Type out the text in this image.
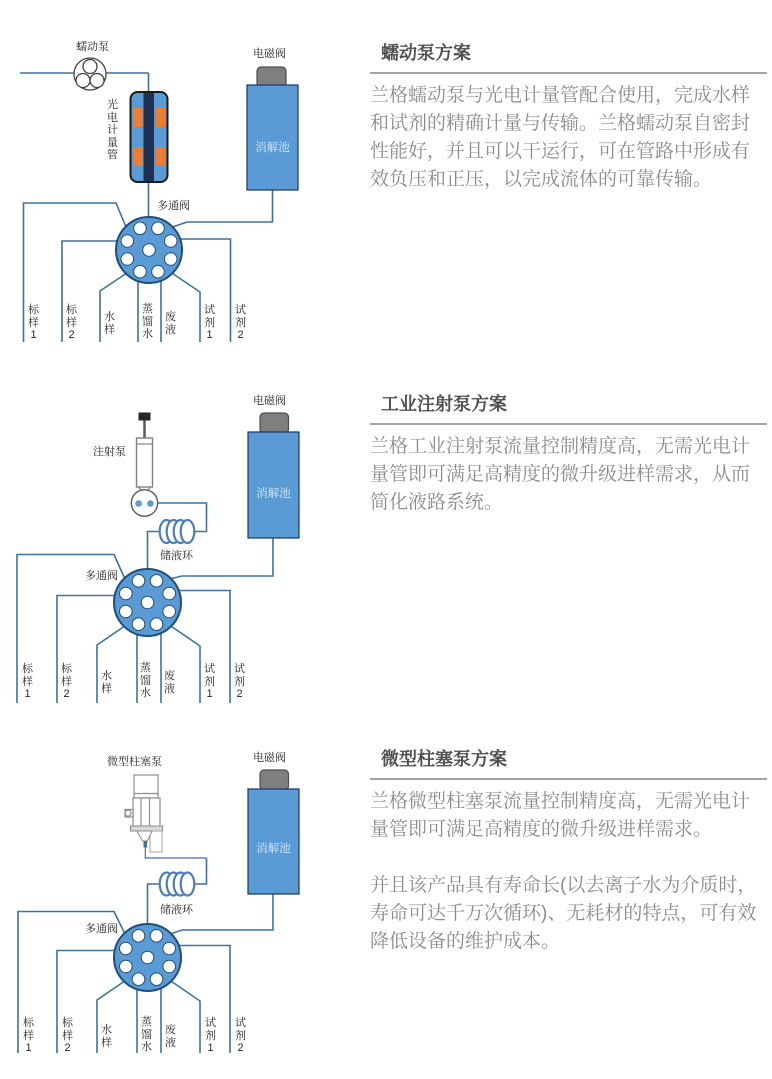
蠕动泵
光电计量管
电磁阀
消解池
多通阀
标样1
标样2
水样
蒸馏水
废液
试剂1
试剂2
蠕动泵方案

兰格蠕动泵与光电计量管配合使用，完成水样和试剂的精确计量与传输。兰格蠕动泵自密封性能好，并且可以干运行，可在管路中形成有效负压和正压，以完成流体的可靠传输。

注射泵
电磁阀
消解池
储液环
多通阀
标样1
标样2
水样
蒸馏水
废液
试剂1
试剂2
工业注射泵方案

兰格工业注射泵流量控制精度高，无需光电计量管即可满足高精度的微升级进样需求，从而简化液路系统。

微型柱塞泵	电磁阀
消解池
储液环
多通阀
标样1
标样2
水样
蒸馏水
废液
试剂1
试剂2
微型柱塞泵方案

兰格微型柱塞泵流量控制精度高，无需光电计量管即可满足高精度的微升级进样需求。

并且该产品具有寿命长(以去离子水为介质时，寿命可达千万次循环)、无耗材的特点，可有效降低设备的维护成本。
